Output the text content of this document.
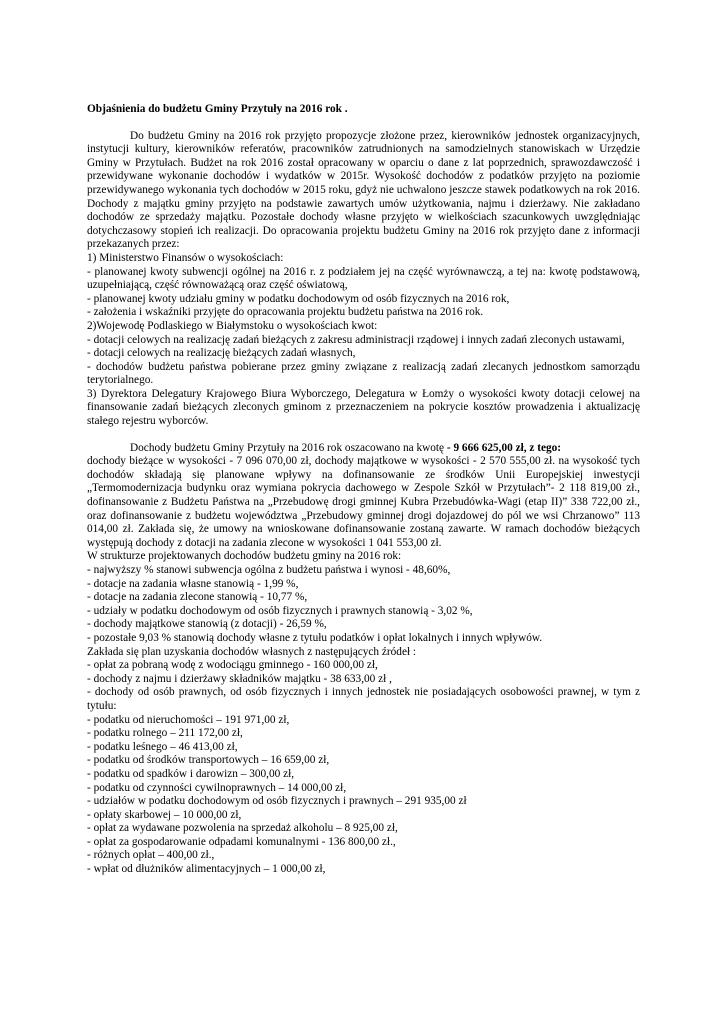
Objaśnienia do budżetu Gminy Przytuły na 2016 rok .

Do budżetu Gminy na 2016 rok przyjęto propozycje złożone przez, kierowników jednostek organizacyjnych, instytucji kultury, kierowników referatów, pracowników zatrudnionych na samodzielnych stanowiskach w Urzędzie Gminy w Przytułach. Budżet na rok 2016 został opracowany w oparciu o dane z lat poprzednich, sprawozdawczość i przewidywane wykonanie dochodów i wydatków w 2015r. Wysokość dochodów z podatków przyjęto na poziomie przewidywanego wykonania tych dochodów w 2015 roku, gdyż nie uchwalono jeszcze stawek podatkowych na rok 2016. Dochody z majątku gminy przyjęto na podstawie zawartych umów użytkowania, najmu i dzierżawy. Nie zakładano dochodów ze sprzedaży majątku. Pozostałe dochody własne przyjęto w wielkościach szacunkowych uwzględniając dotychczasowy stopień ich realizacji. Do opracowania projektu budżetu Gminy na 2016 rok przyjęto dane z informacji przekazanych przez:

1) Ministerstwo Finansów o wysokościach:

- planowanej kwoty subwencji ogólnej na 2016 r. z podziałem jej na część wyrównawczą, a tej na: kwotę podstawową, uzupełniającą, część równoważącą oraz część oświatową,

- planowanej kwoty udziału gminy w podatku dochodowym od osób fizycznych na 2016 rok,

- założenia i wskaźniki przyjęte do opracowania projektu budżetu państwa na 2016 rok.

2)Wojewodę Podlaskiego w Białymstoku o wysokościach kwot:

- dotacji celowych na realizację zadań bieżących z zakresu administracji rządowej i innych zadań zleconych ustawami,

- dotacji celowych na realizację bieżących zadań własnych,

- dochodów budżetu państwa pobierane przez gminy związane z realizacją zadań zlecanych jednostkom samorządu terytorialnego.

3) Dyrektora Delegatury Krajowego Biura Wyborczego, Delegatura w Łomży o wysokości kwoty dotacji celowej na finansowanie zadań bieżących zleconych gminom z przeznaczeniem na pokrycie kosztów prowadzenia i aktualizację stałego rejestru wyborców.

Dochody budżetu Gminy Przytuły na 2016 rok oszacowano na kwotę - 9 666 625,00 zł, z tego:

dochody bieżące w wysokości - 7 096 070,00 zł, dochody majątkowe w wysokości - 2 570 555,00 zł. na wysokość tych dochodów składają się planowane wpływy na dofinansowanie ze środków Unii Europejskiej inwestycji „Termomodernizacja budynku oraz wymiana pokrycia dachowego w Zespole Szkół w Przytułach”- 2 118 819,00 zł., dofinansowanie z Budżetu Państwa na „Przebudowę drogi gminnej Kubra Przebudówka-Wagi (etap II)” 338 722,00 zł., oraz dofinansowanie z budżetu województwa „Przebudowy gminnej drogi dojazdowej do pól we wsi Chrzanowo” 113 014,00 zł. Zakłada się, że umowy na wnioskowane dofinansowanie zostaną zawarte. W ramach dochodów bieżących występują dochody z dotacji na zadania zlecone w wysokości 1 041 553,00 zł.

W strukturze projektowanych dochodów budżetu gminy na 2016 rok:

- najwyższy % stanowi subwencja ogólna z budżetu państwa i wynosi - 48,60%,

- dotacje na zadania własne stanowią - 1,99 %,

- dotacje na zadania zlecone stanowią - 10,77 %,

- udziały w podatku dochodowym od osób fizycznych i prawnych stanowią - 3,02 %,

- dochody majątkowe stanowią (z dotacji) - 26,59 %,

- pozostałe 9,03 % stanowią dochody własne z tytułu podatków i opłat lokalnych i innych wpływów.

Zakłada się plan uzyskania dochodów własnych z następujących źródeł :

- opłat za pobraną wodę z wodociągu gminnego - 160 000,00 zł,

- dochody z najmu i dzierżawy składników majątku - 38 633,00 zł ,

- dochody od osób prawnych, od osób fizycznych i innych jednostek nie posiadających osobowości prawnej, w tym z tytułu:

- podatku od nieruchomości – 191 971,00 zł,

- podatku rolnego – 211 172,00 zł,

- podatku leśnego – 46 413,00 zł,

- podatku od środków transportowych – 16 659,00 zł,

- podatku od spadków i darowizn – 300,00 zł,

- podatku od czynności cywilnoprawnych – 14 000,00 zł,

- udziałów w podatku dochodowym od osób fizycznych i prawnych – 291 935,00 zł

- opłaty skarbowej – 10 000,00 zł,

- opłat za wydawane pozwolenia na sprzedaż alkoholu – 8 925,00 zł,

- opłat za gospodarowanie odpadami komunalnymi - 136 800,00 zł.,

- różnych opłat – 400,00 zł.,

- wpłat od dłużników alimentacyjnych – 1 000,00 zł,
